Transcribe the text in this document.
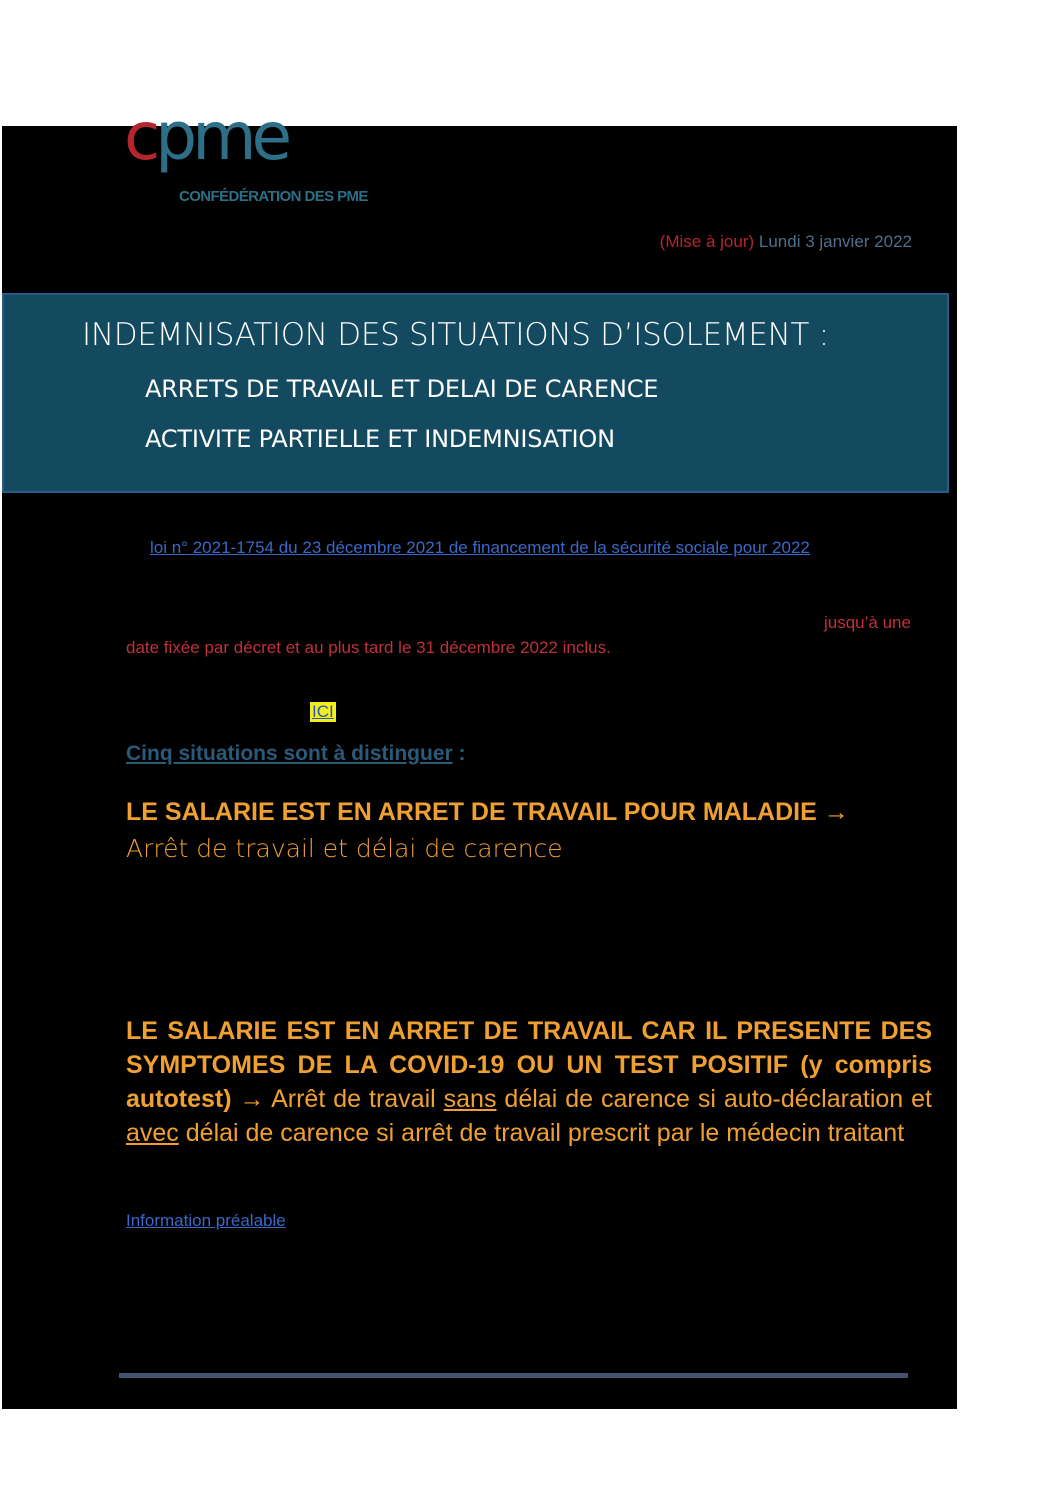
cpme
CONFÉDÉRATION DES PME
(Mise à jour) Lundi 3 janvier 2022
INDEMNISATION DES SITUATIONS D’ISOLEMENT :
ARRETS DE TRAVAIL ET DELAI DE CARENCE
ACTIVITE PARTIELLE ET INDEMNISATION
loi n° 2021-1754 du 23 décembre 2021 de financement de la sécurité sociale pour 2022
jusqu’à une
date fixée par décret et au plus tard le 31 décembre 2022 inclus.
ICI
Cinq situations sont à distinguer :
LE SALARIE EST EN ARRET DE TRAVAIL POUR MALADIE →
Arrêt de travail et délai de carence
LE SALARIE EST EN ARRET DE TRAVAIL CAR IL PRESENTE DES SYMPTOMES DE LA COVID-19 OU UN TEST POSITIF (y compris autotest) → Arrêt de travail sans délai de carence si auto-déclaration et avec délai de carence si arrêt de travail prescrit par le médecin traitant
Information préalable
